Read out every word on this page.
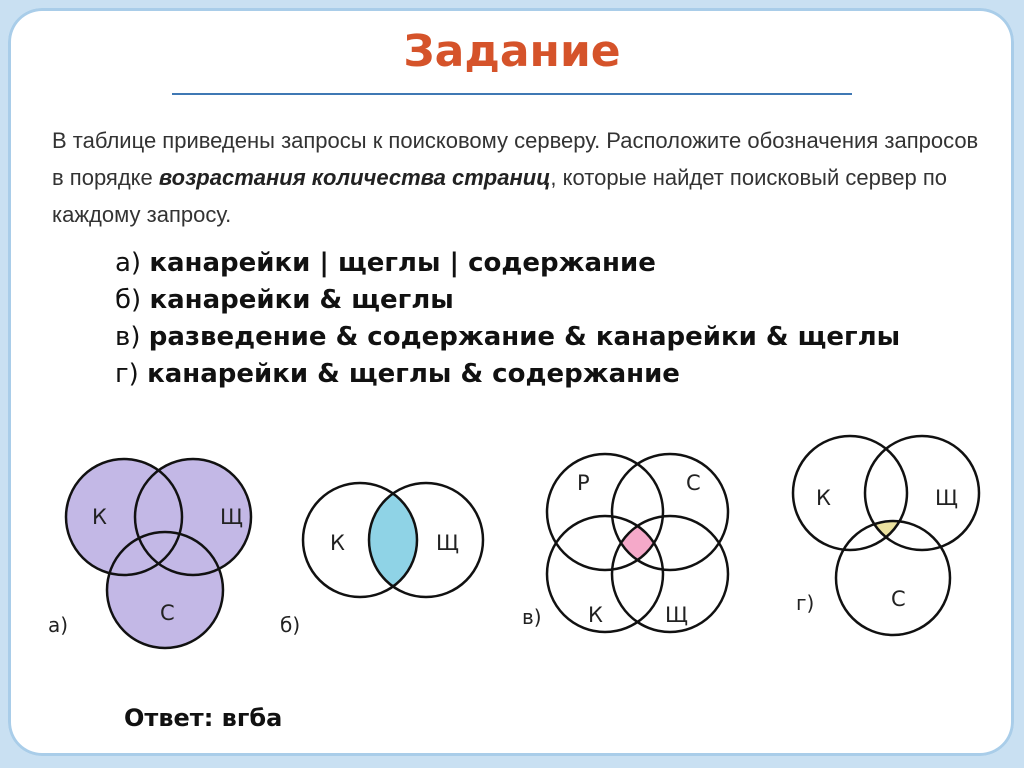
Задание
В таблице приведены запросы к поисковому серверу. Расположите обозначения запросов в порядке возрастания количества страниц, которые найдет поисковый сервер по каждому запросу.
а) канарейки | щеглы | содержание
б) канарейки & щеглы
в) разведение & содержание & канарейки & щеглы
г) канарейки & щеглы & содержание
К	Щ
С
а)
К	Щ
б)
Р	С
К	Щ
в)
К	Щ
С
г)
Ответ: вгба
